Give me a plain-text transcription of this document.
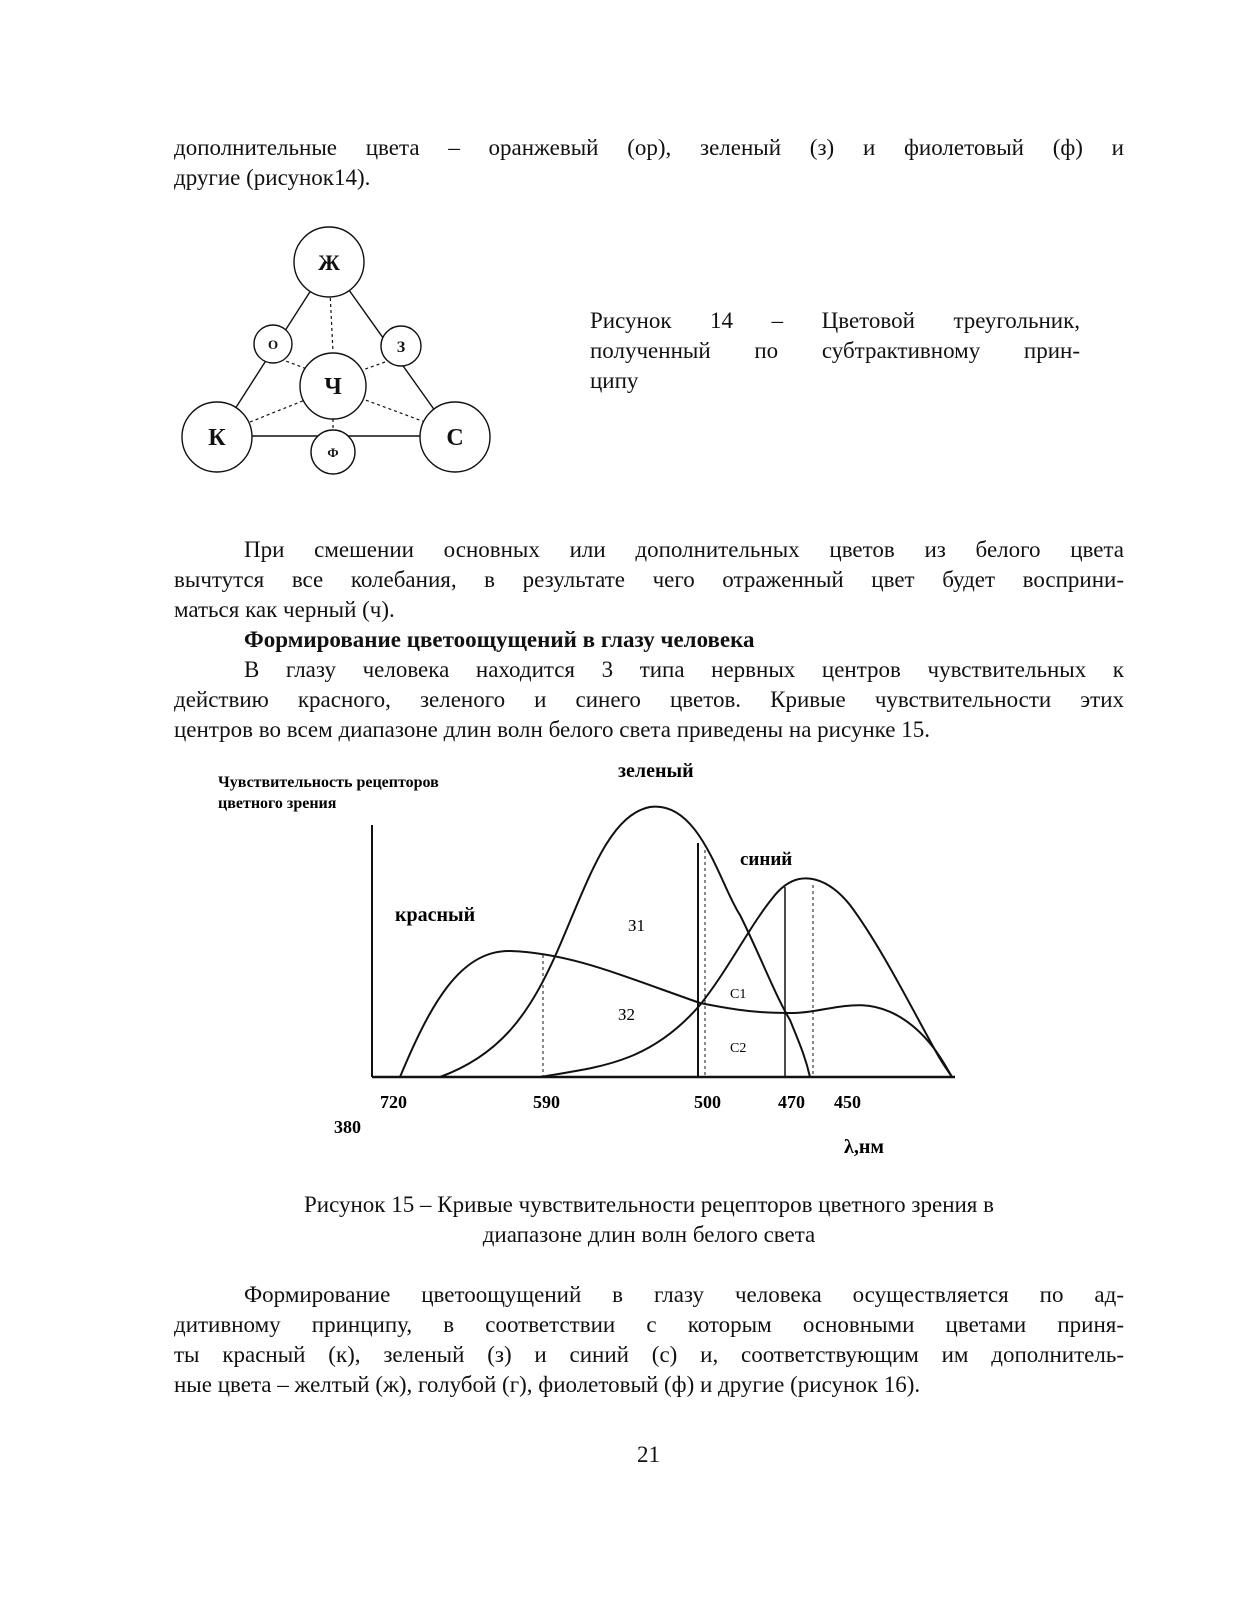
дополнительные цвета – оранжевый (ор), зеленый (з) и фиолетовый (ф) и
другие (рисунок14).
Ж
О	З
Ч
К
Ф
С
Рисунок 14 – Цветовой треугольник,
полученный по субтрактивному прин-
ципу
При смешении основных или дополнительных цветов из белого цвета
вычтутся все колебания, в результате чего отраженный цвет будет восприни-
маться как черный (ч).
Формирование цветоощущений в глазу человека
В глазу человека находится 3 типа нервных центров чувствительных к
действию красного, зеленого и синего цветов. Кривые чувствительности этих
центров во всем диапазоне длин волн белого света приведены на рисунке 15.
Чувствительность рецепторов
цветного зрения
зеленый
синий
красный	З1
З2
С1
С2
720	590	500	470 450
380
λ,нм
Рисунок 15 – Кривые чувствительности рецепторов цветного зрения в
диапазоне длин волн белого света
Формирование цветоощущений в глазу человека осуществляется по ад-
дитивному принципу, в соответствии с которым основными цветами приня-
ты красный (к), зеленый (з) и синий (с) и, соответствующим им дополнитель-
ные цвета – желтый (ж), голубой (г), фиолетовый (ф) и другие (рисунок 16).
21
